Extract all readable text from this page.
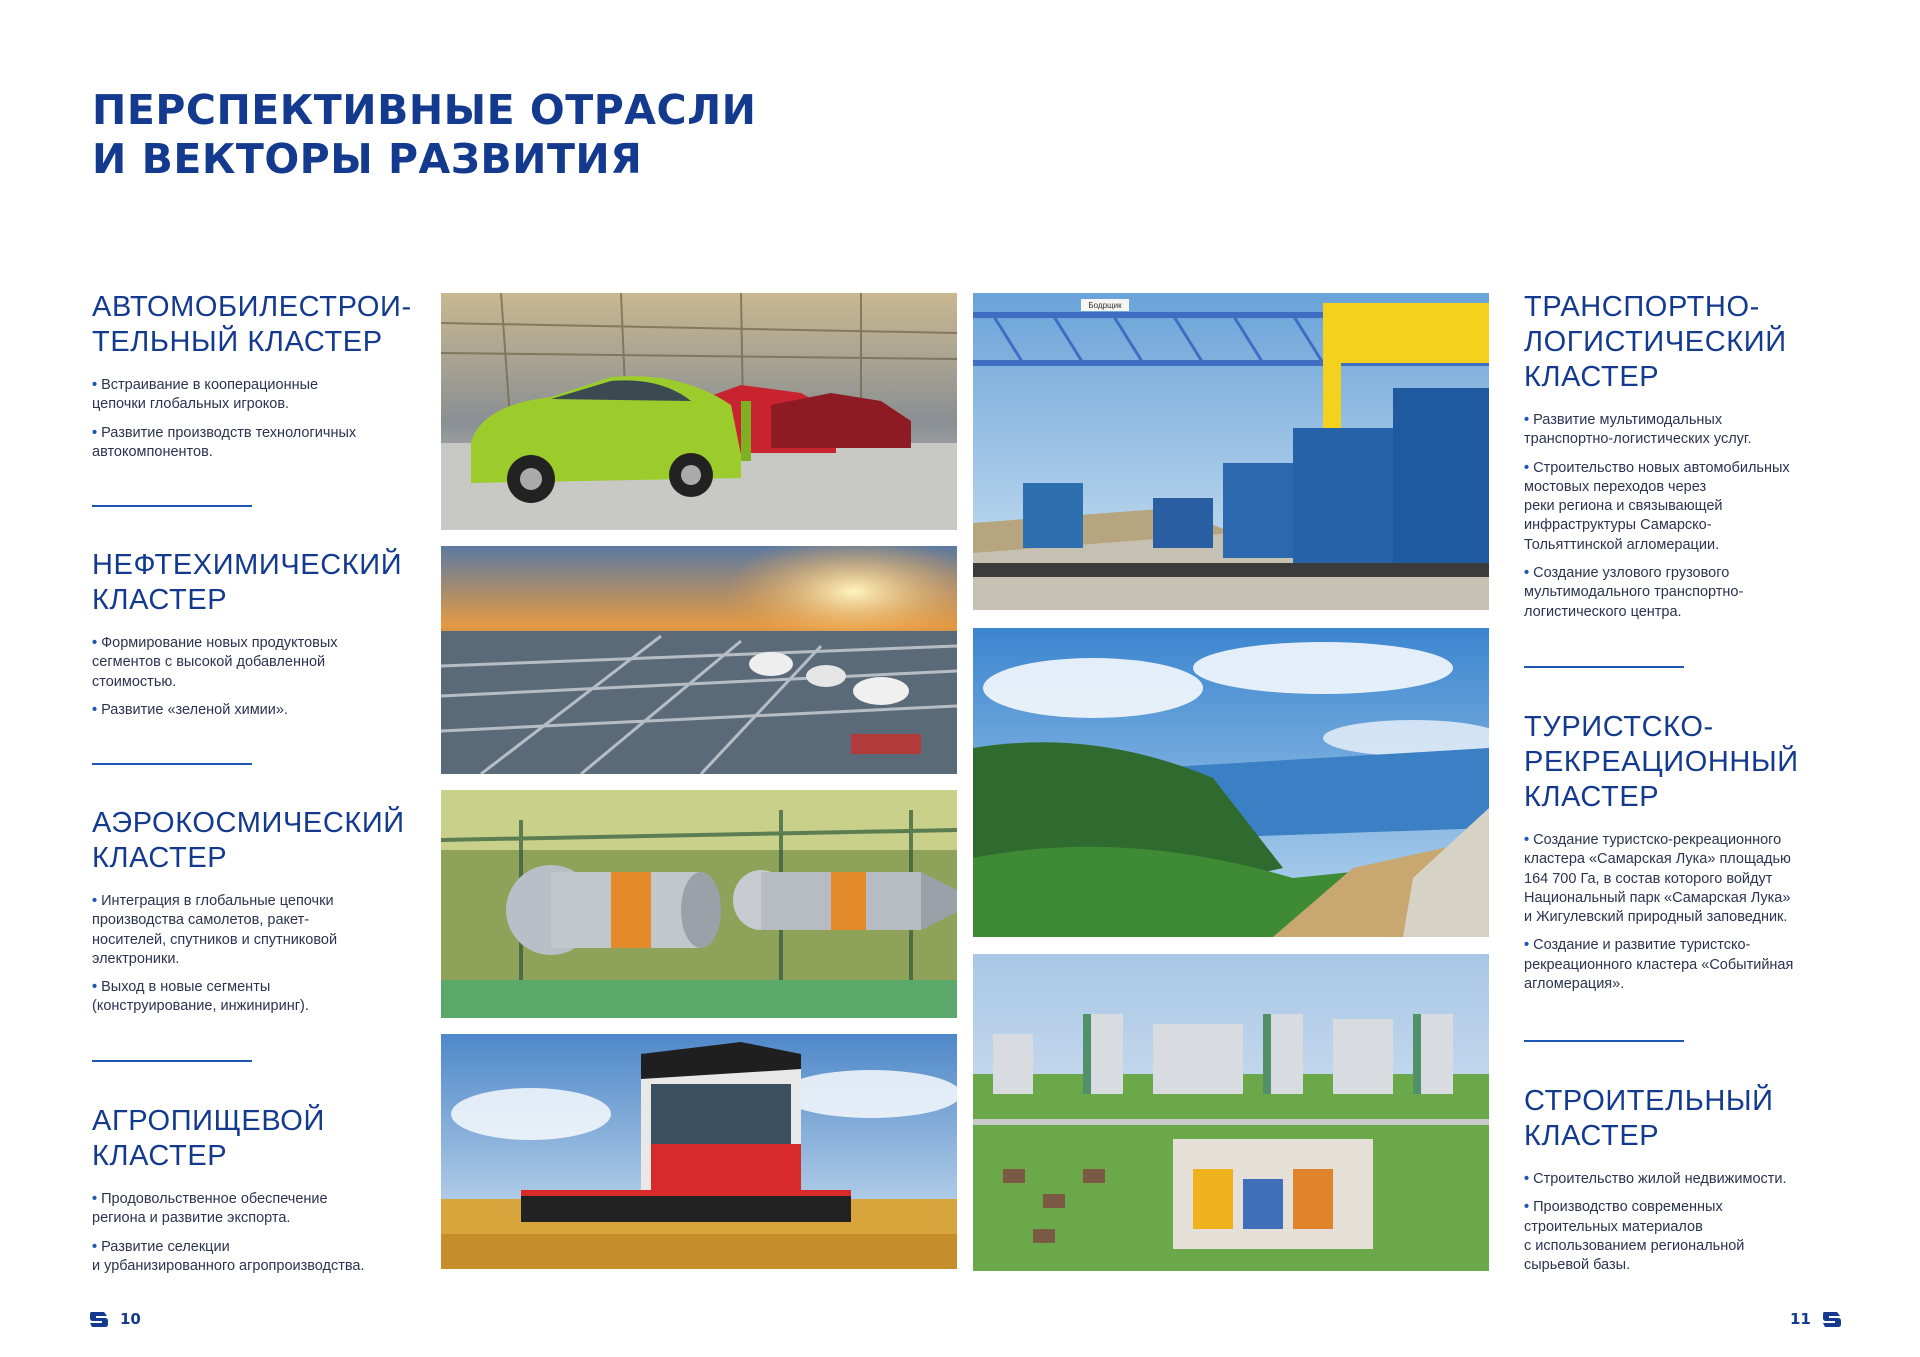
ПЕРСПЕКТИВНЫЕ ОТРАСЛИ
И ВЕКТОРЫ РАЗВИТИЯ
АВТОМОБИЛЕСТРОИ-
ТЕЛЬНЫЙ КЛАСТЕР
• Встраивание в кооперационные
цепочки глобальных игроков.
• Развитие производств технологичных
автокомпонентов.
НЕФТЕХИМИЧЕСКИЙ
КЛАСТЕР
• Формирование новых продуктовых
сегментов с высокой добавленной
стоимостью.
• Развитие «зеленой химии».
АЭРОКОСМИЧЕСКИЙ
КЛАСТЕР
• Интеграция в глобальные цепочки
производства самолетов, ракет-
носителей, спутников и спутниковой
электроники.
• Выход в новые сегменты
(конструирование, инжиниринг).
АГРОПИЩЕВОЙ
КЛАСТЕР
• Продовольственное обеспечение
региона и развитие экспорта.
• Развитие селекции
и урбанизированного агропроизводства.
ТРАНСПОРТНО-
ЛОГИСТИЧЕСКИЙ
КЛАСТЕР
• Развитие мультимодальных
транспортно-логистических услуг.
• Строительство новых автомобильных
мостовых переходов через
реки региона и связывающей
инфраструктуры Самарско-
Тольяттинской агломерации.
• Создание узлового грузового
мультимодального транспортно-
логистического центра.
ТУРИСТСКО-
РЕКРЕАЦИОННЫЙ
КЛАСТЕР
• Создание туристско-рекреационного
кластера «Самарская Лука» площадью
164 700 Га, в состав которого войдут
Национальный парк «Самарская Лука»
и Жигулевский природный заповедник.
• Создание и развитие туристско-
рекреационного кластера «Событийная
агломерация».
СТРОИТЕЛЬНЫЙ
КЛАСТЕР
• Строительство жилой недвижимости.
• Производство современных
строительных материалов
с использованием региональной
сырьевой базы.
Бодрщик
10	11
